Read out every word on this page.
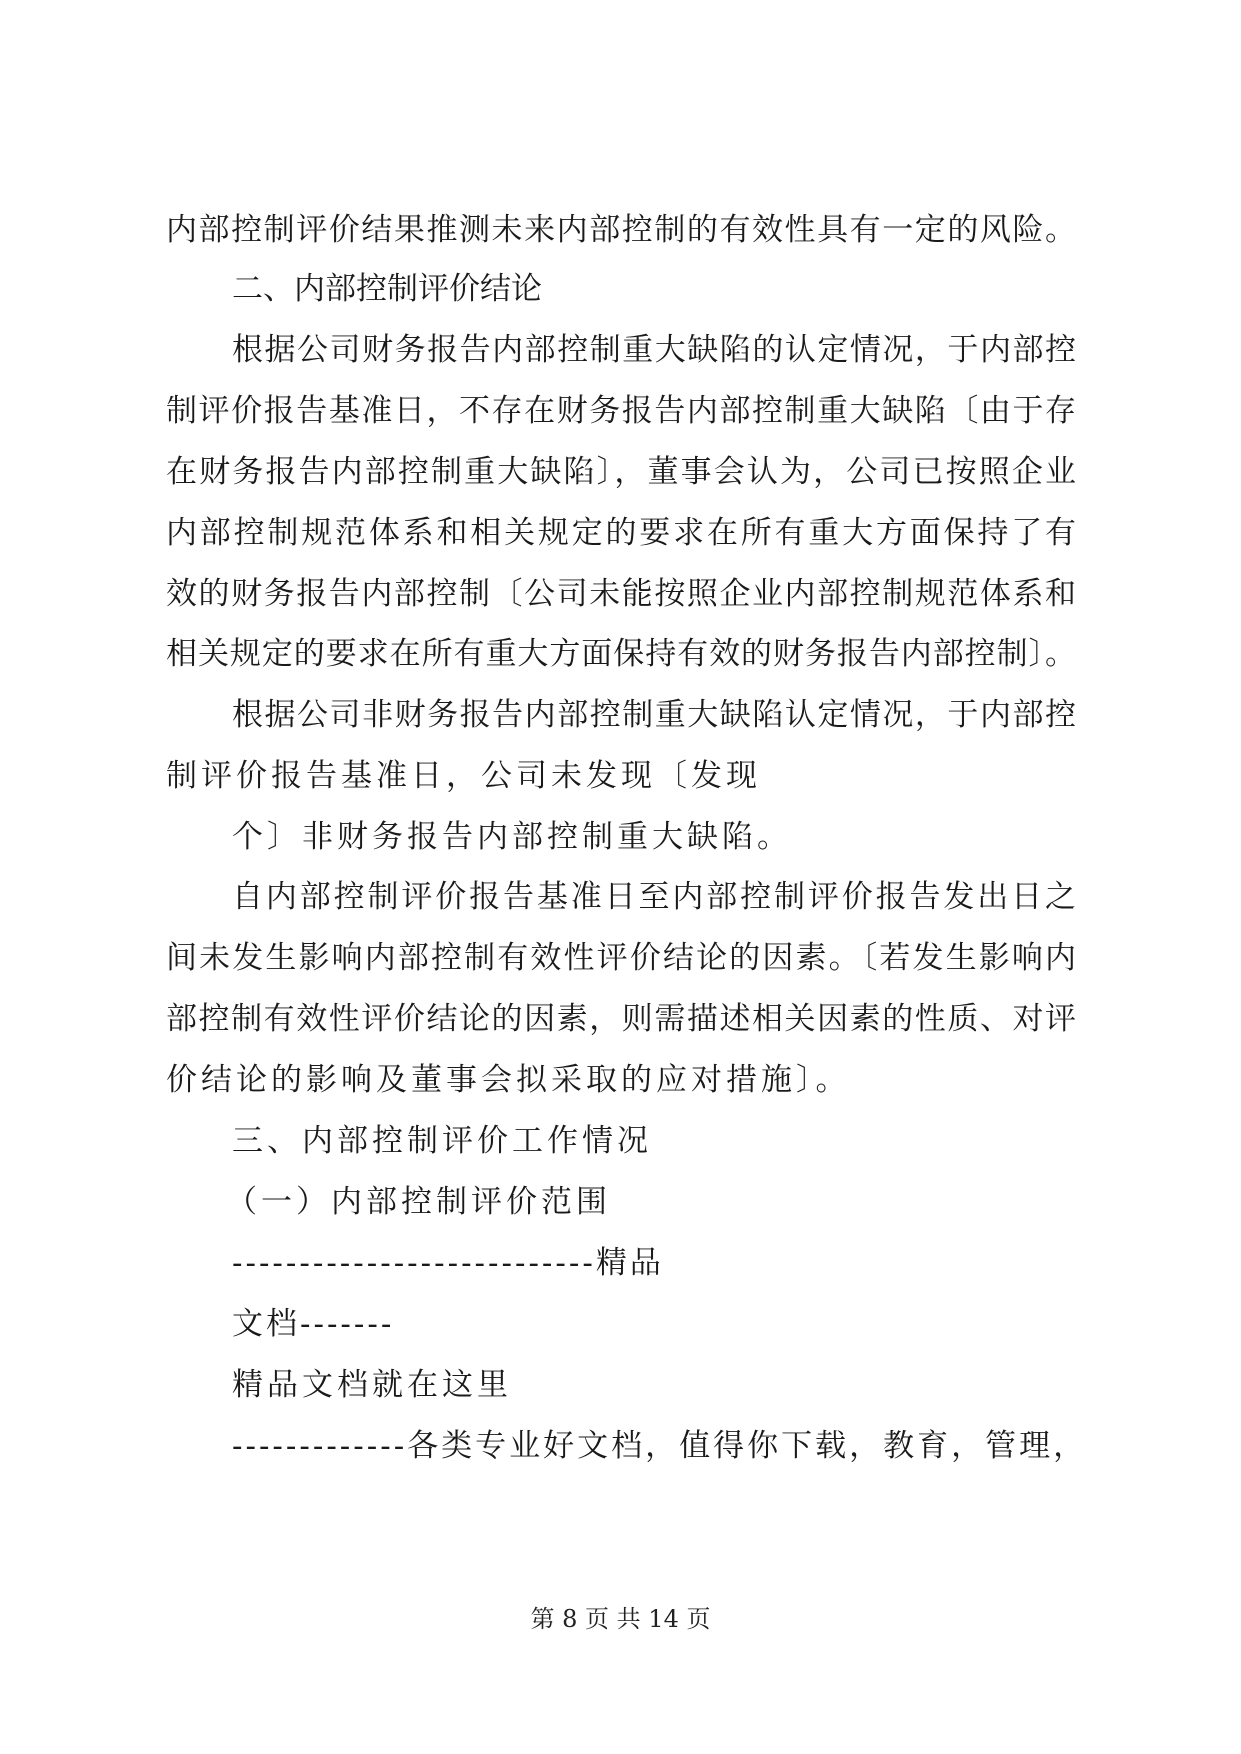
内部控制评价结果推测未来内部控制的有效性具有一定的风险。
二、内部控制评价结论
根据公司财务报告内部控制重大缺陷的认定情况，于内部控
制评价报告基准日，不存在财务报告内部控制重大缺陷〔由于存
在财务报告内部控制重大缺陷〕，董事会认为，公司已按照企业
内部控制规范体系和相关规定的要求在所有重大方面保持了有
效的财务报告内部控制〔公司未能按照企业内部控制规范体系和
相关规定的要求在所有重大方面保持有效的财务报告内部控制〕。
根据公司非财务报告内部控制重大缺陷认定情况，于内部控
制评价报告基准日，公司未发现〔发现
个〕非财务报告内部控制重大缺陷。
自内部控制评价报告基准日至内部控制评价报告发出日之
间未发生影响内部控制有效性评价结论的因素。〔若发生影响内
部控制有效性评价结论的因素，则需描述相关因素的性质、对评
价结论的影响及董事会拟采取的应对措施〕。
三、内部控制评价工作情况
（一）内部控制评价范围
---------------------------精品
文档-------
精品文档就在这里
-------------各类专业好文档，值得你下载，教育，管理，
第 8 页 共 14 页
